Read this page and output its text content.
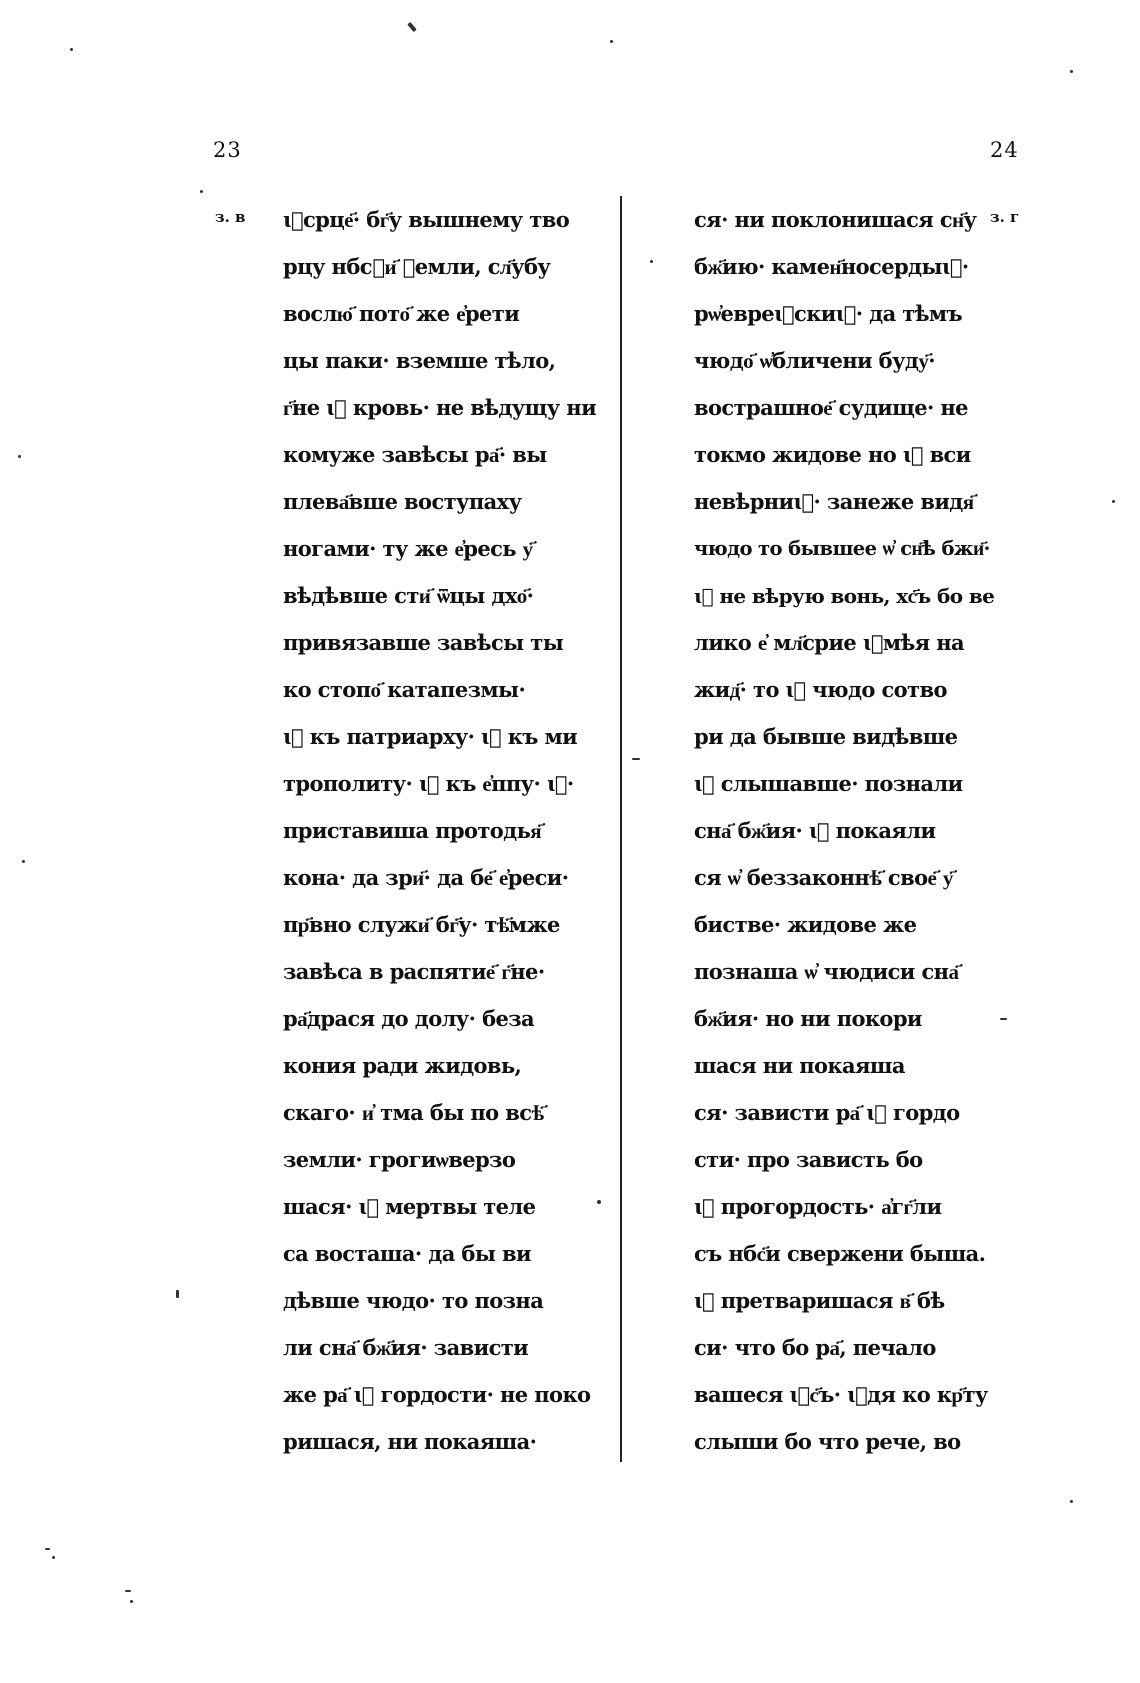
23	24
з. в	з. г
ꙇ҆срце҃· бг҃у вышнему тво
рцу нбсⷭи҃ ꙁемли, сл҃убу
вослю҃ пото҃ же е҆рети
цы паки· вземше тѣло,
г҃не ꙇ҆ кровь· не вѣдущу ни
комуже завѣсы ра҃· вы
плева҃вше воступаху
ногами· ту же е҆ресь у҃
вѣдѣвше сти҃ ѿцы дхо҃·
привязавше завѣсы ты
ко стопо҃ катапезмы·
ꙇ҆ къ патриарху· ꙇ҆ къ ми
трополиту· ꙇ҆ къ е҆ппу· ꙇ҆·
приставиша протодья҃
кона· да зри҃· да бе҃ е҆реси·
пр҃вно служи҃ бг҃у· тѣ҃мже
завѣса в распятие҃ г҃не·
ра҃драся до долу· беза
кония ради жидовь,
скаго· и҆ тма бы по всѣ҃
земли· грогиѡверзо
шася· ꙇ҆ мертвы теле
са восташа· да бы ви
дѣвше чюдо· то позна
ли сна҃ бж҃ия· зависти
же ра҃ ꙇ҆ гордости· не поко
ришася, ни покаяша·
ся· ни поклонишася сн҃у
бж҃ию· камен҃носердыꙇ҆·
рѡ҆евреꙇ҆скиꙇ҆· да тѣмъ
чюдо҃ ѡ҆бличени буду҃·
вострашное҃ судище· не
токмо жидове но ꙇ҆ вси
невѣрниꙇ҆· занеже видя҃
чюдо то бывшее ѡ҆ сн҃ѣ бжи҃·
ꙇ҆ не вѣрую вонь, хс҃ъ бо ве
лико е҆ мл҃срие ꙇ҆мѣя на
жид҃· то ꙇ҆ чюдо сотво
ри да бывше видѣвше
ꙇ҆ слышавше· познали
сна҃ бж҃ия· ꙇ҆ покаяли
ся ѡ҆ беззаконнѣ҃ свое҃ у҃
бистве· жидове же
познаша ѡ҆ чюдиси сна҃
бж҃ия· но ни покори
шася ни покаяша
ся· зависти ра҃ ꙇ҆ гордо
сти· про зависть бо
ꙇ҆ прогордость· а҆гг҃ли
съ нбс҃и свержени быша.
ꙇ҆ претваришася в҃ бѣ
си· что бо ра҃, печало
вашеся ꙇ҆с҃ъ· ꙇ҆дя ко кр҃ту
слыши бо что рече, во
